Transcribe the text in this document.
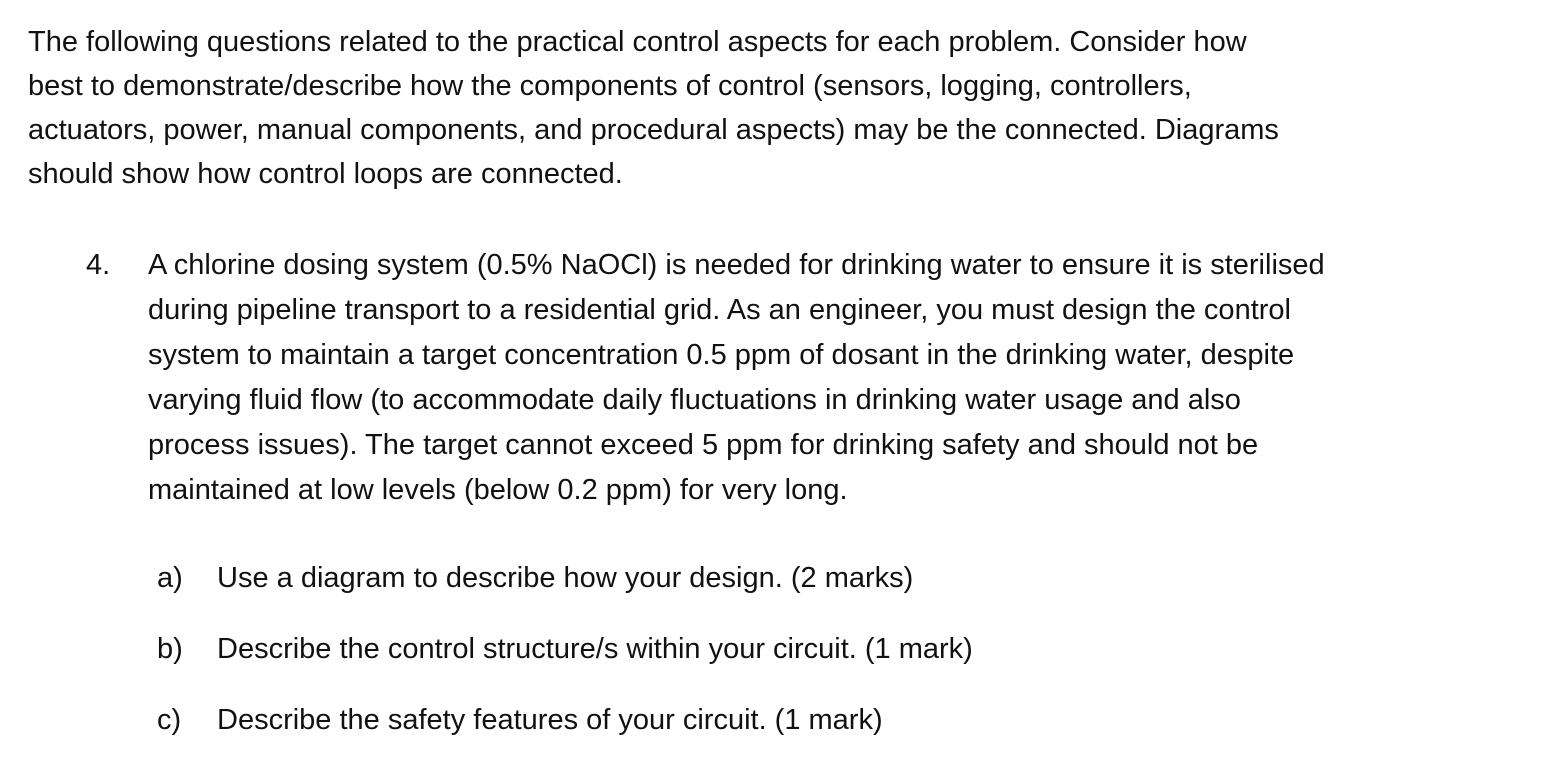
The following questions related to the practical control aspects for each problem. Consider how

best to demonstrate/describe how the components of control (sensors, logging, controllers,

actuators, power, manual components, and procedural aspects) may be the connected. Diagrams

should show how control loops are connected.

4. A chlorine dosing system (0.5% NaOCl) is needed for drinking water to ensure it is sterilised

during pipeline transport to a residential grid. As an engineer, you must design the control

system to maintain a target concentration 0.5 ppm of dosant in the drinking water, despite

varying fluid flow (to accommodate daily fluctuations in drinking water usage and also

process issues). The target cannot exceed 5 ppm for drinking safety and should not be

maintained at low levels (below 0.2 ppm) for very long.

a) Use a diagram to describe how your design. (2 marks)
b) Describe the control structure/s within your circuit. (1 mark)
c) Describe the safety features of your circuit. (1 mark)
